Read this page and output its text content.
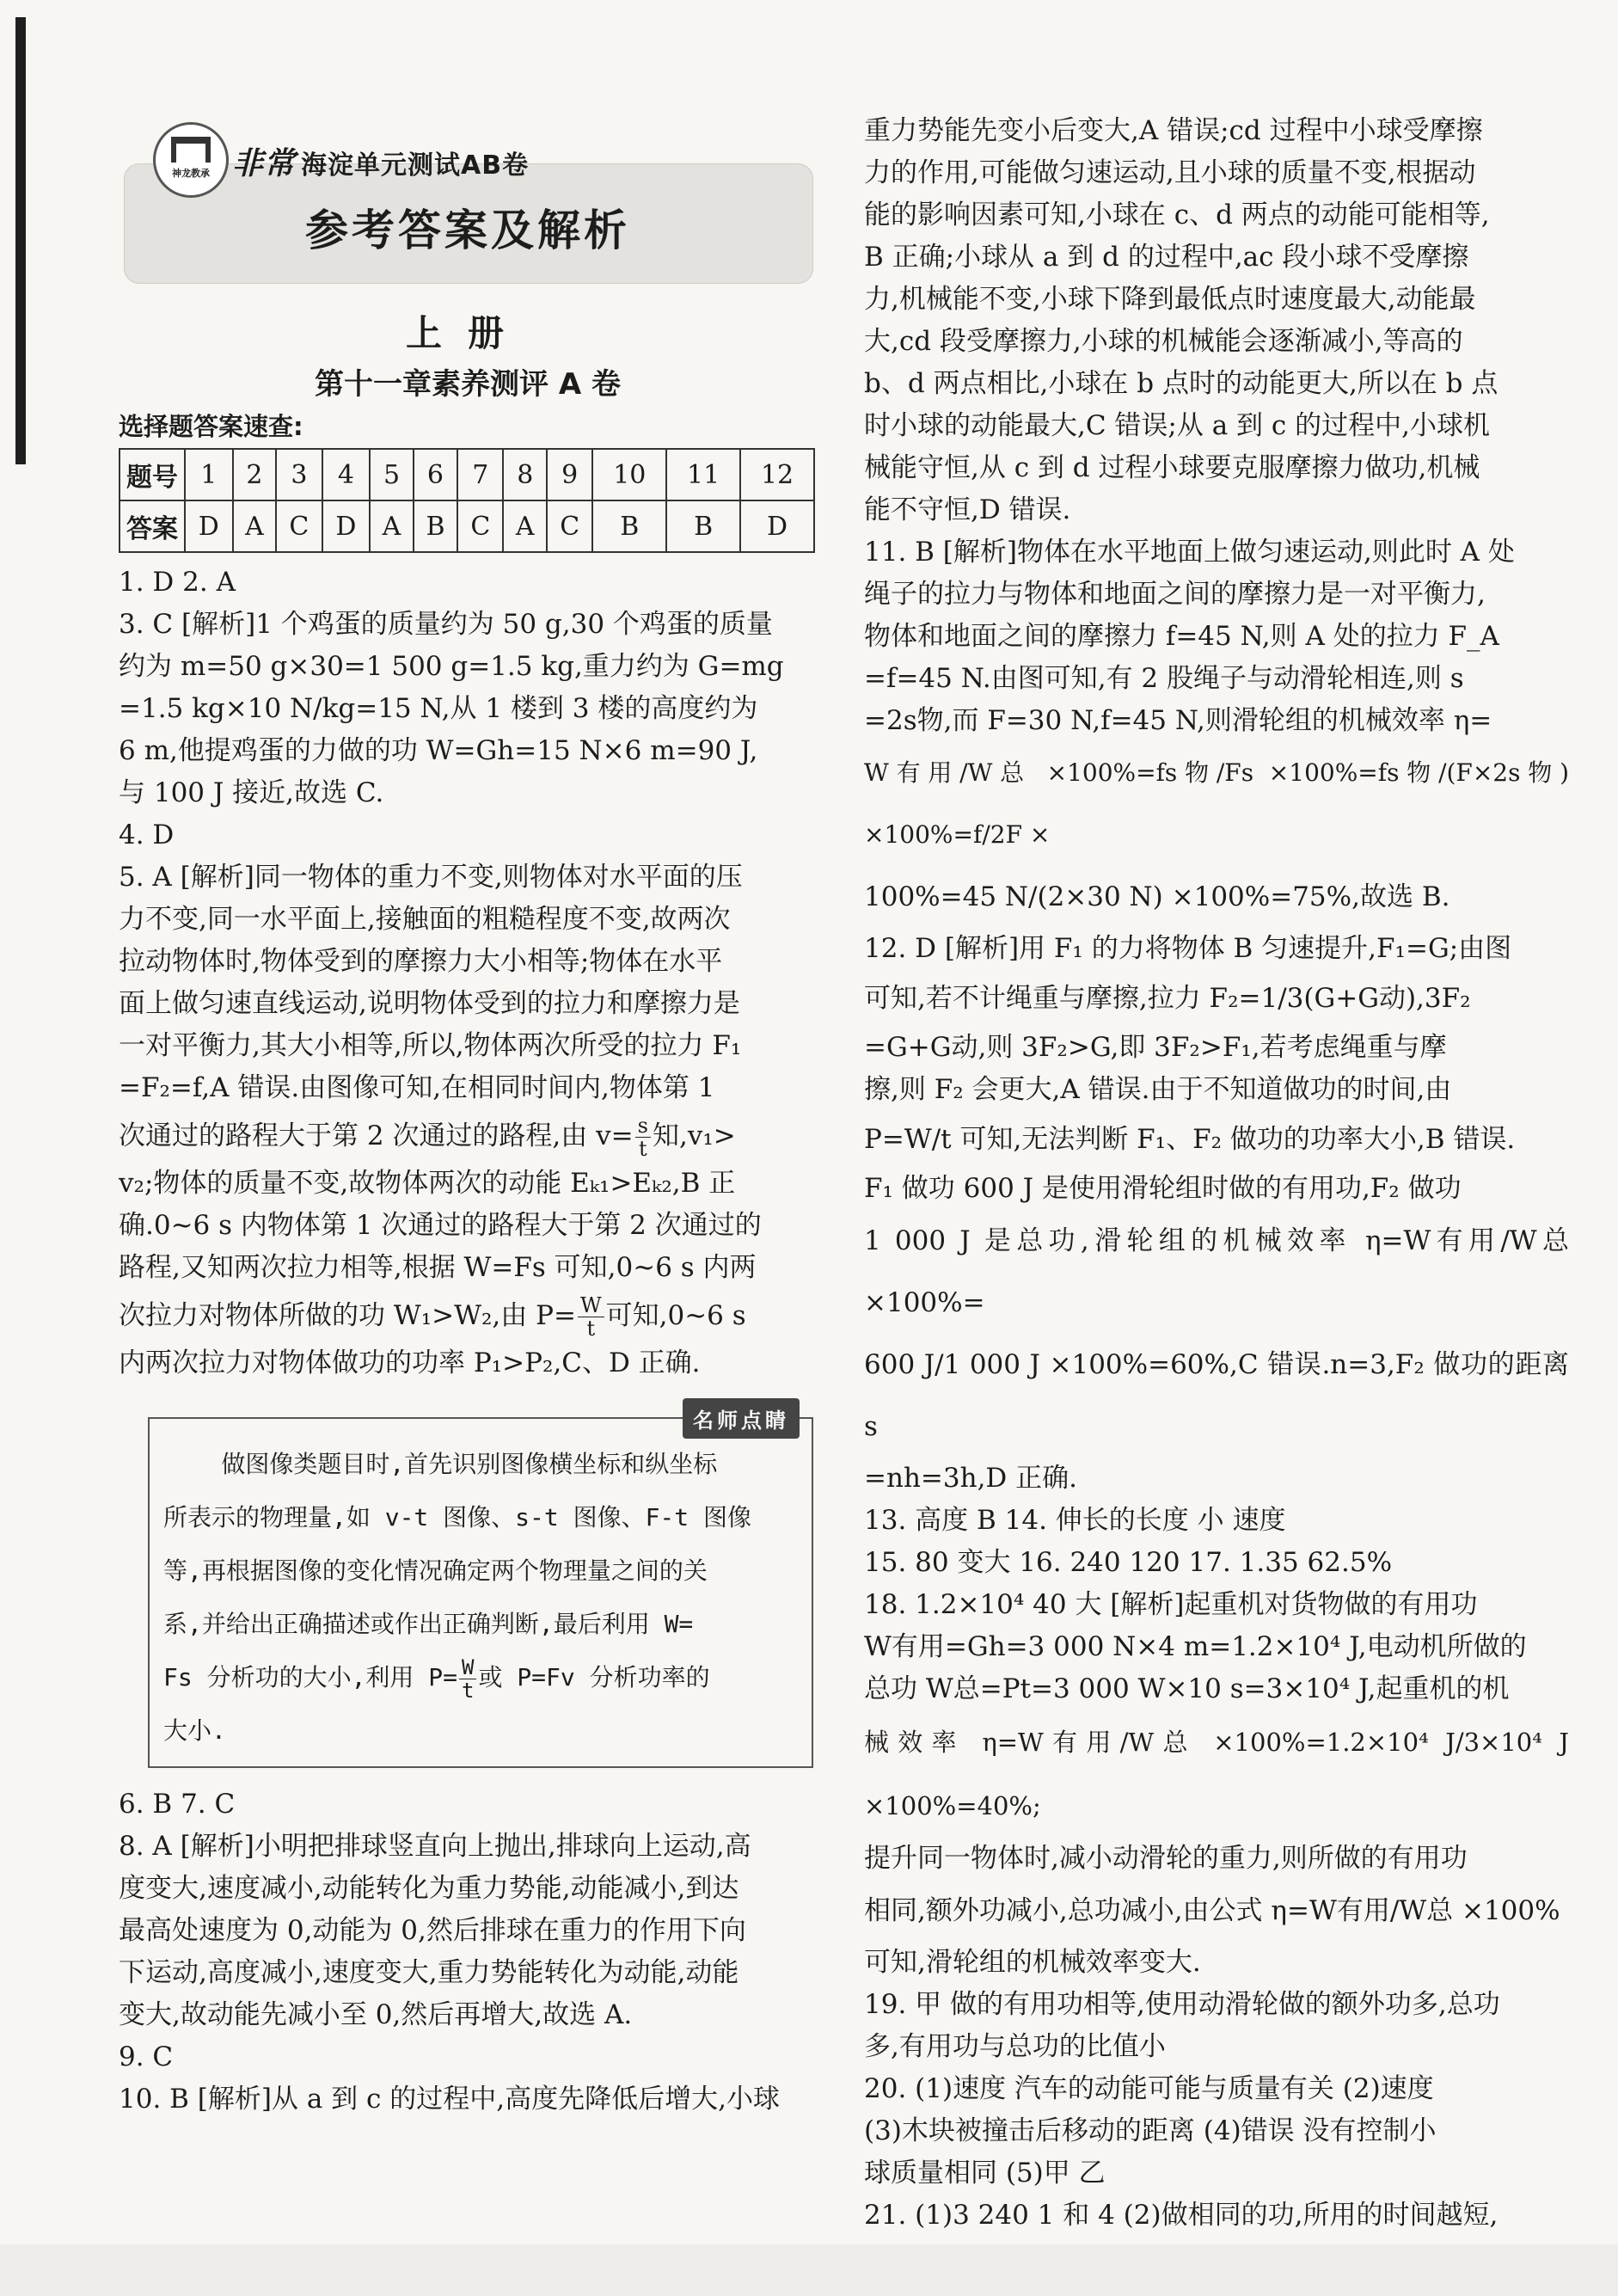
神龙教承 非常 海淀单元测试AB卷
参考答案及解析
上册
第十一章素养测评 A 卷
选择题答案速查:
题号	1	2	3	4	5	6	7	8	9	10	11	12
答案	D	A	C	D	A	B	C	A	C	B	B	D

1. D 2. A

3. C [解析]1 个鸡蛋的质量约为 50 g,30 个鸡蛋的质量

约为 m=50 g×30=1 500 g=1.5 kg,重力约为 G=mg

=1.5 kg×10 N/kg=15 N,从 1 楼到 3 楼的高度约为

6 m,他提鸡蛋的力做的功 W=Gh=15 N×6 m=90 J,

与 100 J 接近,故选 C.

4. D

5. A [解析]同一物体的重力不变,则物体对水平面的压

力不变,同一水平面上,接触面的粗糙程度不变,故两次

拉动物体时,物体受到的摩擦力大小相等;物体在水平

面上做匀速直线运动,说明物体受到的拉力和摩擦力是

一对平衡力,其大小相等,所以,物体两次所受的拉力 F₁

=F₂=f,A 错误.由图像可知,在相同时间内,物体第 1

次通过的路程大于第 2 次通过的路程,由 $v= \frac{s}{t}$ 知,v₁>

v₂;物体的质量不变,故物体两次的动能 Eₖ₁>Eₖ₂,B 正

确.0~6 s 内物体第 1 次通过的路程大于第 2 次通过的

路程,又知两次拉力相等,根据 W=Fs 可知,0~6 s 内两

次拉力对物体所做的功 W₁>W₂,由 $P= \frac{W}{t}$ 可知,0~6 s

内两次拉力对物体做功的功率 P₁>P₂,C、D 正确.

名师点睛

做图像类题目时,首先识别图像横坐标和纵坐标

所表示的物理量,如 v-t 图像、s-t 图像、F-t 图像

等,再根据图像的变化情况确定两个物理量之间的关

系,并给出正确描述或作出正确判断,最后利用 W=

Fs 分析功的大小,利用 $P= \frac{W}{t}$ 或 P=Fv 分析功率的

大小.

6. B 7. C

8. A [解析]小明把排球竖直向上抛出,排球向上运动,高

度变大,速度减小,动能转化为重力势能,动能减小,到达

最高处速度为 0,动能为 0,然后排球在重力的作用下向

下运动,高度减小,速度变大,重力势能转化为动能,动能

变大,故动能先减小至 0,然后再增大,故选 A.

9. C

10. B [解析]从 a 到 c 的过程中,高度先降低后增大,小球

重力势能先变小后变大,A 错误;cd 过程中小球受摩擦

力的作用,可能做匀速运动,且小球的质量不变,根据动

能的影响因素可知,小球在 c、d 两点的动能可能相等,

B 正确;小球从 a 到 d 的过程中,ac 段小球不受摩擦

力,机械能不变,小球下降到最低点时速度最大,动能最

大,cd 段受摩擦力,小球的机械能会逐渐减小,等高的

b、d 两点相比,小球在 b 点时的动能更大,所以在 b 点

时小球的动能最大,C 错误;从 a 到 c 的过程中,小球机

械能守恒,从 c 到 d 过程小球要克服摩擦力做功,机械

能不守恒,D 错误.

11. B [解析]物体在水平地面上做匀速运动,则此时 A 处

绳子的拉力与物体和地面之间的摩擦力是一对平衡力,

物体和地面之间的摩擦力 f=45 N,则 A 处的拉力 F_A

=f=45 N.由图可知,有 2 股绳子与动滑轮相连,则 s

=2s物,而 F=30 N,f=45 N,则滑轮组的机械效率 η=

W有用/W总 ×100%=fs物/Fs ×100%=fs物/(F×2s物) ×100%=f/2F ×

100%=45 N/(2×30 N) ×100%=75%,故选 B.

12. D [解析]用 F₁ 的力将物体 B 匀速提升,F₁=G;由图

可知,若不计绳重与摩擦,拉力 F₂=1/3(G+G动),3F₂

=G+G动,则 3F₂>G,即 3F₂>F₁,若考虑绳重与摩

擦,则 F₂ 会更大,A 错误.由于不知道做功的时间,由

P=W/t 可知,无法判断 F₁、F₂ 做功的功率大小,B 错误.

F₁ 做功 600 J 是使用滑轮组时做的有用功,F₂ 做功

1 000 J 是总功,滑轮组的机械效率 η=W有用/W总 ×100%=

600 J/1 000 J ×100%=60%,C 错误.n=3,F₂ 做功的距离 s

=nh=3h,D 正确.

13. 高度 B 14. 伸长的长度 小 速度

15. 80 变大 16. 240 120 17. 1.35 62.5%

18. 1.2×10⁴ 40 大 [解析]起重机对货物做的有用功

W有用=Gh=3 000 N×4 m=1.2×10⁴ J,电动机所做的

总功 W总=Pt=3 000 W×10 s=3×10⁴ J,起重机的机

械效率 η=W有用/W总 ×100%=1.2×10⁴ J/3×10⁴ J ×100%=40%;

提升同一物体时,减小动滑轮的重力,则所做的有用功

相同,额外功减小,总功减小,由公式 η=W有用/W总 ×100%

可知,滑轮组的机械效率变大.

19. 甲 做的有用功相等,使用动滑轮做的额外功多,总功

多,有用功与总功的比值小

20. (1)速度 汽车的动能可能与质量有关 (2)速度

(3)木块被撞击后移动的距离 (4)错误 没有控制小

球质量相同 (5)甲 乙

21. (1)3 240 1 和 4 (2)做相同的功,所用的时间越短,
